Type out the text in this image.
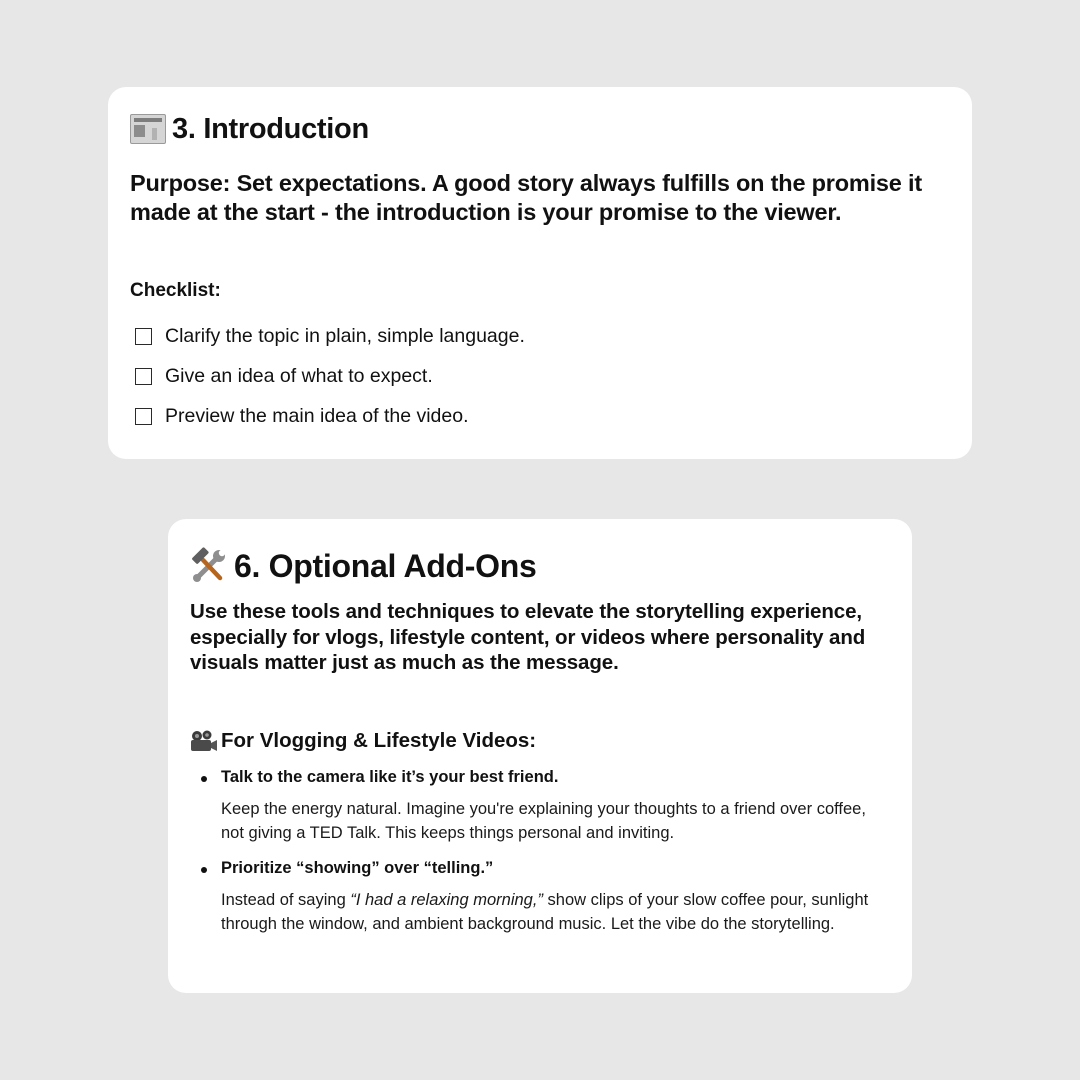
3. Introduction
Purpose: Set expectations. A good story always fulfills on the promise it made at the start - the introduction is your promise to the viewer.
Checklist:
Clarify the topic in plain, simple language.
Give an idea of what to expect.
Preview the main idea of the video.
6. Optional Add-Ons
Use these tools and techniques to elevate the storytelling experience, especially for vlogs, lifestyle content, or videos where personality and visuals matter just as much as the message.
For Vlogging & Lifestyle Videos:
Talk to the camera like it’s your best friend.
Keep the energy natural. Imagine you're explaining your thoughts to a friend over coffee, not giving a TED Talk. This keeps things personal and inviting.
Prioritize “showing” over “telling.”
Instead of saying “I had a relaxing morning,” show clips of your slow coffee pour, sunlight through the window, and ambient background music. Let the vibe do the storytelling.
